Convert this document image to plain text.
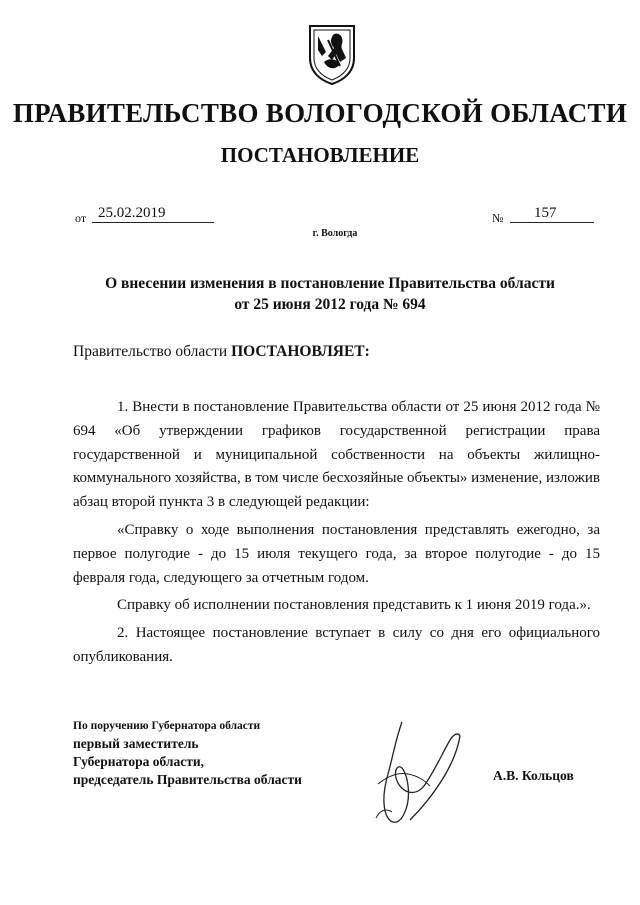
ПРАВИТЕЛЬСТВО ВОЛОГОДСКОЙ ОБЛАСТИ
ПОСТАНОВЛЕНИЕ
от 25.02.2019	№	157
г. Вологда
О внесении изменения в постановление Правительства области
от 25 июня 2012 года № 694
Правительство области ПОСТАНОВЛЯЕТ:

1. Внести в постановление Правительства области от 25 июня 2012 года № 694 «Об утверждении графиков государственной регистрации права государственной и муниципальной собственности на объекты жилищно-коммунального хозяйства, в том числе бесхозяйные объекты» изменение, изложив абзац второй пункта 3 в следующей редакции:

«Справку о ходе выполнения постановления представлять ежегодно, за первое полугодие - до 15 июля текущего года, за второе полугодие - до 15 февраля года, следующего за отчетным годом.

Справку об исполнении постановления представить к 1 июня 2019 года.».

2. Настоящее постановление вступает в силу со дня его официального опубликования.

По поручению Губернатора области
первый заместитель
Губернатора области,
председатель Правительства области	А.В. Кольцов
